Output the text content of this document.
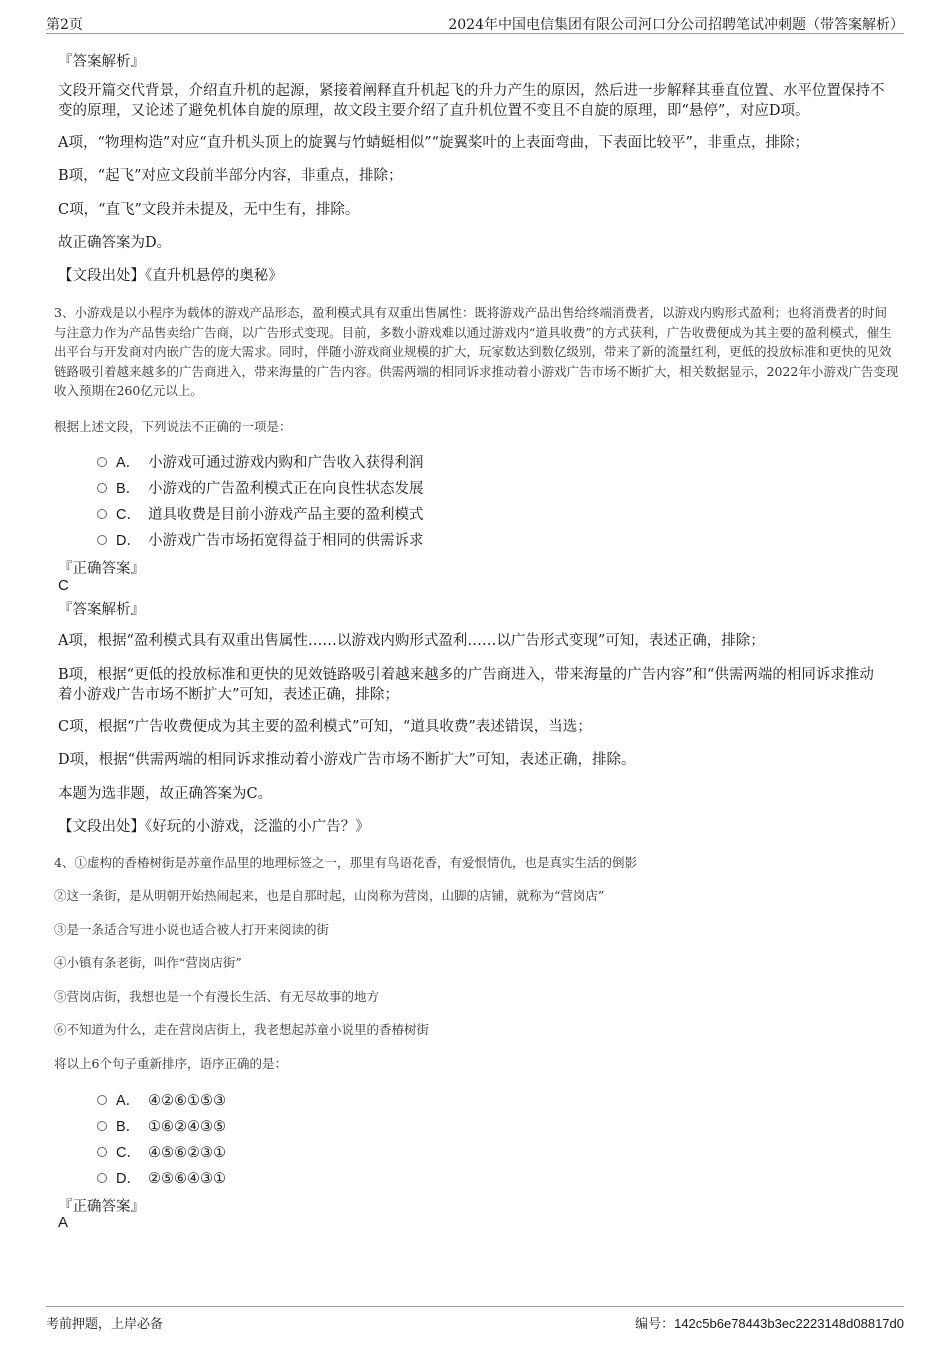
第2页	2024年中国电信集团有限公司河口分公司招聘笔试冲刺题（带答案解析）
『答案解析』
文段开篇交代背景，介绍直升机的起源，紧接着阐释直升机起飞的升力产生的原因，然后进一步解释其垂直位置、水平位置保持不变的原理，又论述了避免机体自旋的原理，故文段主要介绍了直升机位置不变且不自旋的原理，即“悬停”，对应D项。
A项，“物理构造”对应“直升机头顶上的旋翼与竹蜻蜓相似”“旋翼桨叶的上表面弯曲，下表面比较平”，非重点，排除；
B项，“起飞”对应文段前半部分内容，非重点，排除；
C项，“直飞”文段并未提及，无中生有，排除。
故正确答案为D。
【文段出处】《直升机悬停的奥秘》
3、小游戏是以小程序为载体的游戏产品形态，盈利模式具有双重出售属性：既将游戏产品出售给终端消费者，以游戏内购形式盈利；也将消费者的时间与注意力作为产品售卖给广告商，以广告形式变现。目前，多数小游戏难以通过游戏内“道具收费”的方式获利，广告收费便成为其主要的盈利模式，催生出平台与开发商对内嵌广告的庞大需求。同时，伴随小游戏商业规模的扩大，玩家数达到数亿级别，带来了新的流量红利，更低的投放标准和更快的见效链路吸引着越来越多的广告商进入，带来海量的广告内容。供需两端的相同诉求推动着小游戏广告市场不断扩大，相关数据显示，2022年小游戏广告变现收入预期在260亿元以上。
根据上述文段，下列说法不正确的一项是：
A． 小游戏可通过游戏内购和广告收入获得利润
B． 小游戏的广告盈利模式正在向良性状态发展
C． 道具收费是目前小游戏产品主要的盈利模式
D． 小游戏广告市场拓宽得益于相同的供需诉求
『正确答案』
C
『答案解析』
A项，根据“盈利模式具有双重出售属性……以游戏内购形式盈利……以广告形式变现”可知，表述正确，排除；
B项，根据“更低的投放标准和更快的见效链路吸引着越来越多的广告商进入，带来海量的广告内容”和“供需两端的相同诉求推动着小游戏广告市场不断扩大”可知，表述正确，排除；
C项，根据“广告收费便成为其主要的盈利模式”可知，“道具收费”表述错误，当选；
D项，根据“供需两端的相同诉求推动着小游戏广告市场不断扩大”可知，表述正确，排除。
本题为选非题，故正确答案为C。
【文段出处】《好玩的小游戏，泛滥的小广告？》
4、①虚构的香椿树街是苏童作品里的地理标签之一，那里有鸟语花香，有爱恨情仇，也是真实生活的倒影
②这一条街，是从明朝开始热闹起来，也是自那时起，山岗称为营岗，山脚的店铺，就称为“营岗店”
③是一条适合写进小说也适合被人打开来阅读的街
④小镇有条老街，叫作“营岗店街”
⑤营岗店街，我想也是一个有漫长生活、有无尽故事的地方
⑥不知道为什么，走在营岗店街上，我老想起苏童小说里的香椿树街
将以上6个句子重新排序，语序正确的是：
A． ④②⑥①⑤③
B． ①⑥②④③⑤
C． ④⑤⑥②③①
D． ②⑤⑥④③①
『正确答案』
A
考前押题，上岸必备	编号：142c5b6e78443b3ec2223148d08817d0
